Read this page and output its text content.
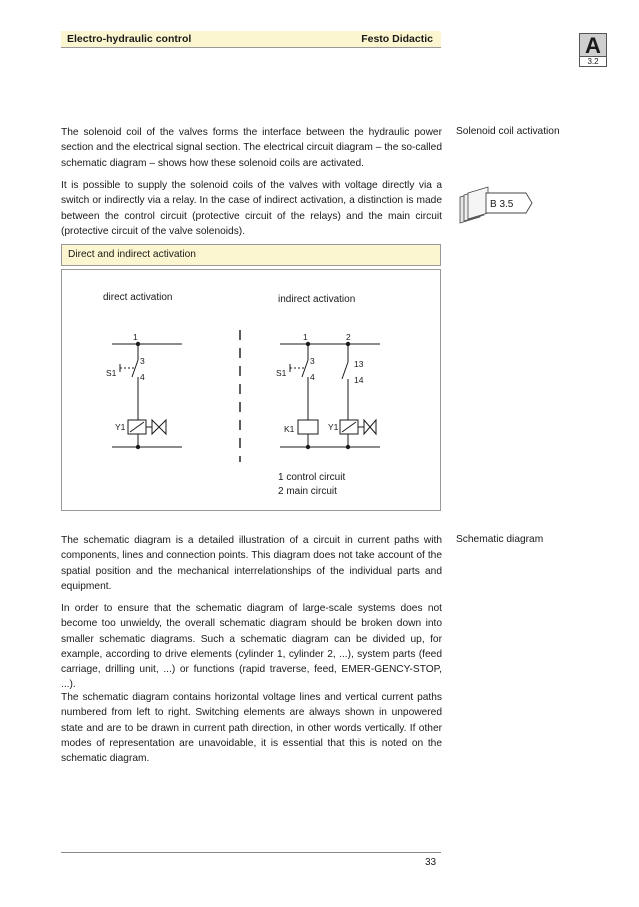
Electro-hydraulic control	Festo Didactic	A
3.2

The solenoid coil of the valves forms the interface between the hydraulic power section and the electrical signal section. The electrical circuit diagram – the so-called schematic diagram – shows how these solenoid coils are activated.

Solenoid coil activation

It is possible to supply the solenoid coils of the valves with voltage directly via a switch or indirectly via a relay. In the case of indirect activation, a distinction is made between the control circuit (protective circuit of the relays) and the main circuit (protective circuit of the valve solenoids).

B 3.5
Direct and indirect activation
direct activation	indirect activation
1
3
4
S1
Y1
1	2
3
4
13
14
S1
K1	Y1
1 control circuit
2 main circuit

The schematic diagram is a detailed illustration of a circuit in current paths with components, lines and connection points. This diagram does not take account of the spatial position and the mechanical interrelationships of the individual parts and equipment.

Schematic diagram

In order to ensure that the schematic diagram of large-scale systems does not become too unwieldy, the overall schematic diagram should be broken down into smaller schematic diagrams. Such a schematic diagram can be divided up, for example, according to drive elements (cylinder 1, cylinder 2, ...), system parts (feed carriage, drilling unit, ...) or functions (rapid traverse, feed, EMER-GENCY-STOP, ...).

The schematic diagram contains horizontal voltage lines and vertical current paths numbered from left to right. Switching elements are always shown in unpowered state and are to be drawn in current path direction, in other words vertically. If other modes of representation are unavoidable, it is essential that this is noted on the schematic diagram.

33
